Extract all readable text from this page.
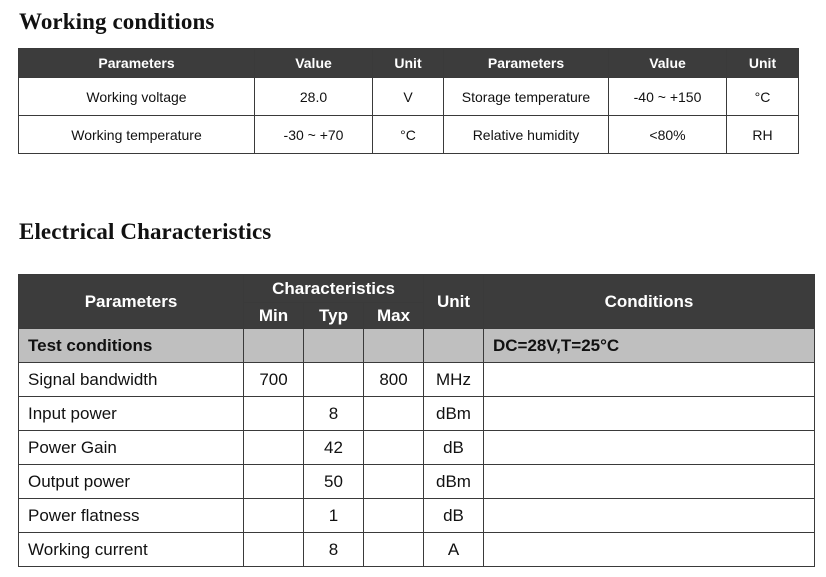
Working conditions
Parameters	Value	Unit	Parameters	Value	Unit
Working voltage	28.0	V	Storage temperature	-40 ~ +150	°C
Working temperature	-30 ~ +70	°C	Relative humidity	<80%	RH
Electrical Characteristics
Parameters	Characteristics			Unit	Conditions
	Min	Typ	Max		
Test conditions					DC=28V,T=25°C
Signal bandwidth	700		800	MHz	
Input power		8		dBm	
Power Gain		42		dB	
Output power		50		dBm	
Power flatness		1		dB	
Working current		8		A	
